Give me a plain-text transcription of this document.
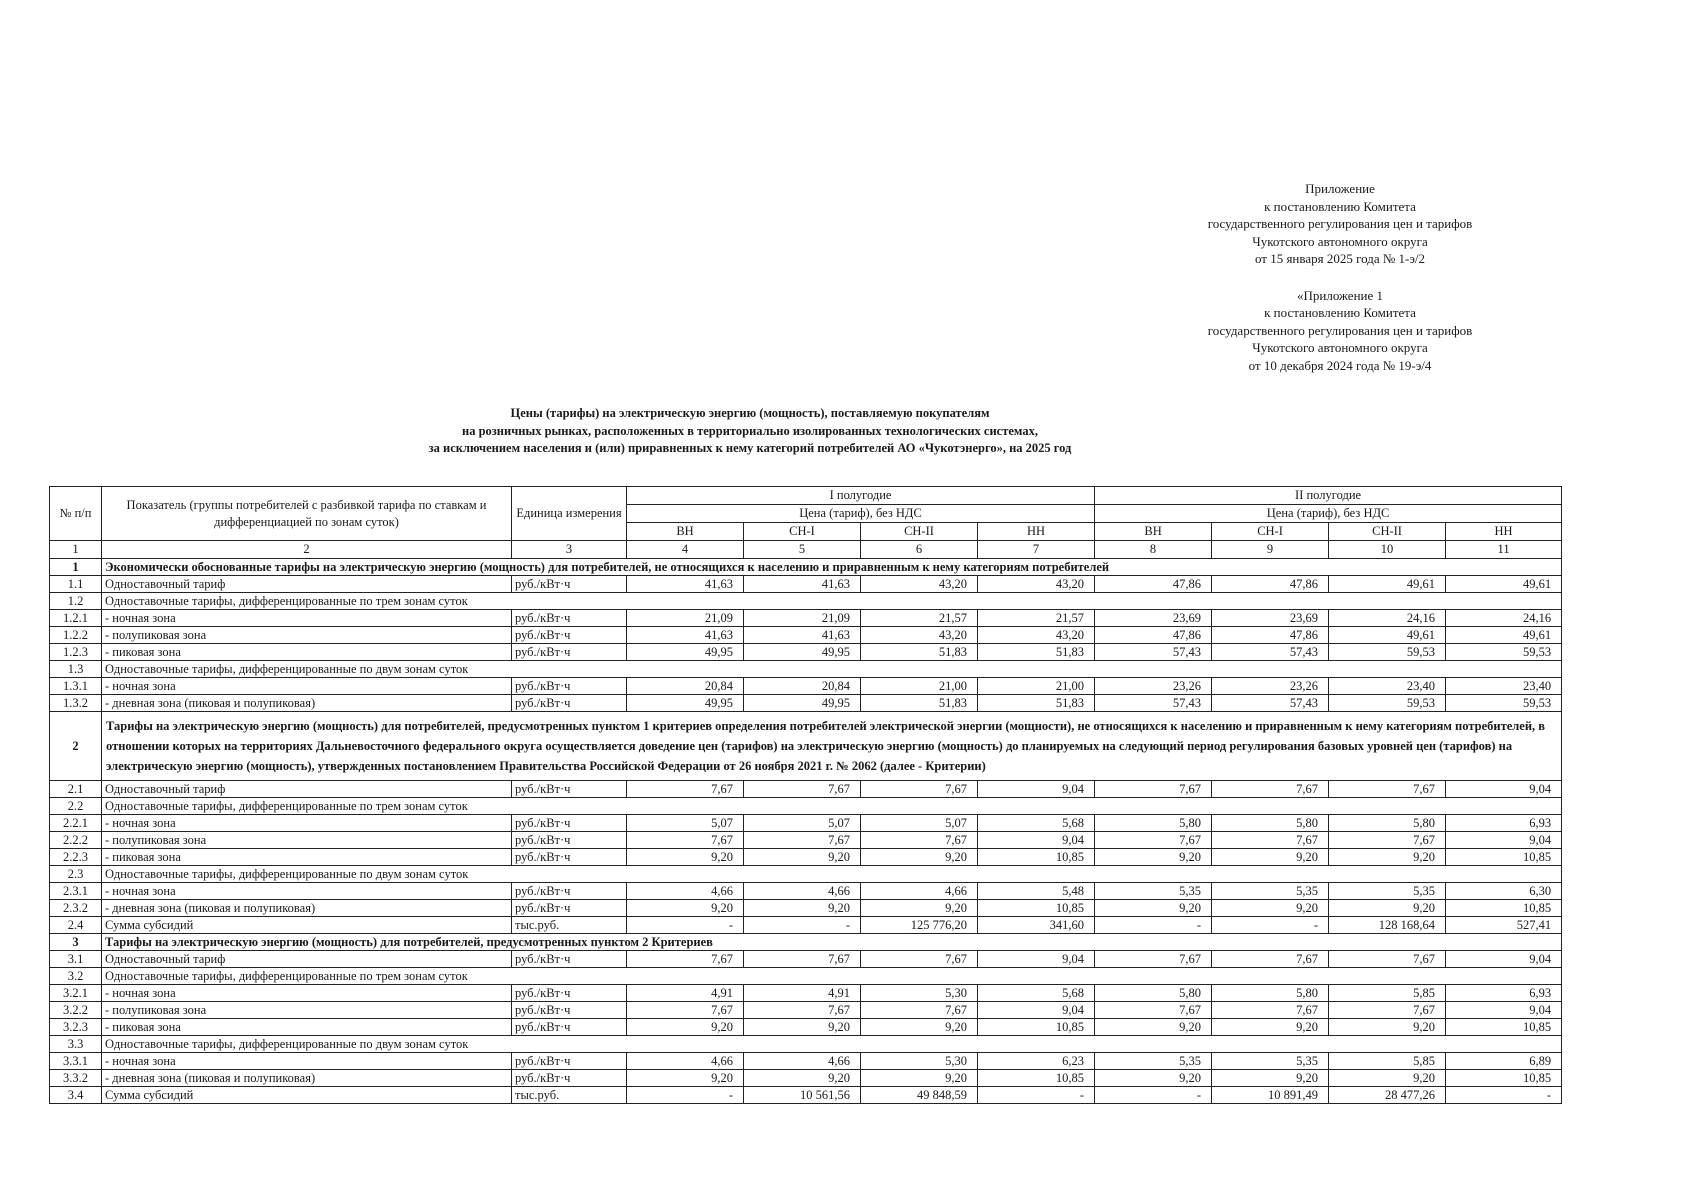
Приложение
к постановлению Комитета
государственного регулирования цен и тарифов
Чукотского автономного округа
от 15 января 2025 года № 1-э/2
«Приложение 1
к постановлению Комитета
государственного регулирования цен и тарифов
Чукотского автономного округа
от 10 декабря 2024 года № 19-э/4
Цены (тарифы) на электрическую энергию (мощность), поставляемую покупателям
на розничных рынках, расположенных в территориально изолированных технологических системах,
за исключением населения и (или) приравненных к нему категорий потребителей АО «Чукотэнерго», на 2025 год
№ п/п	Показатель (группы потребителей с разбивкой тарифа по ставкам и дифференциацией по зонам суток)	Единица измерения	I полугодие				II полугодие			
			Цена (тариф), без НДС				Цена (тариф), без НДС			
			ВН	СН-I	СН-II	НН	ВН	СН-I	СН-II	НН
1	2	3	4	5	6	7	8	9	10	11
1	Экономически обоснованные тарифы на электрическую энергию (мощность) для потребителей, не относящихся к населению и приравненным к нему категориям потребителей									
1.1	Одноставочный тариф	руб./кВт·ч	41,63	41,63	43,20	43,20	47,86	47,86	49,61	49,61
1.2	Одноставочные тарифы, дифференцированные по трем зонам суток									
1.2.1	- ночная зона	руб./кВт·ч	21,09	21,09	21,57	21,57	23,69	23,69	24,16	24,16
1.2.2	- полупиковая зона	руб./кВт·ч	41,63	41,63	43,20	43,20	47,86	47,86	49,61	49,61
1.2.3	- пиковая зона	руб./кВт·ч	49,95	49,95	51,83	51,83	57,43	57,43	59,53	59,53
1.3	Одноставочные тарифы, дифференцированные по двум зонам суток									
1.3.1	- ночная зона	руб./кВт·ч	20,84	20,84	21,00	21,00	23,26	23,26	23,40	23,40
1.3.2	- дневная зона (пиковая и полупиковая)	руб./кВт·ч	49,95	49,95	51,83	51,83	57,43	57,43	59,53	59,53
2	Тарифы на электрическую энергию (мощность) для потребителей, предусмотренных пунктом 1 критериев определения потребителей электрической энергии (мощности), не относящихся к населению и приравненным к нему категориям потребителей, в отношении которых на территориях Дальневосточного федерального округа осуществляется доведение цен (тарифов) на электрическую энергию (мощность) до планируемых на следующий период регулирования базовых уровней цен (тарифов) на электрическую энергию (мощность), утвержденных постановлением Правительства Российской Федерации от 26 ноября 2021 г. № 2062 (далее - Критерии)									
2.1	Одноставочный тариф	руб./кВт·ч	7,67	7,67	7,67	9,04	7,67	7,67	7,67	9,04
2.2	Одноставочные тарифы, дифференцированные по трем зонам суток									
2.2.1	- ночная зона	руб./кВт·ч	5,07	5,07	5,07	5,68	5,80	5,80	5,80	6,93
2.2.2	- полупиковая зона	руб./кВт·ч	7,67	7,67	7,67	9,04	7,67	7,67	7,67	9,04
2.2.3	- пиковая зона	руб./кВт·ч	9,20	9,20	9,20	10,85	9,20	9,20	9,20	10,85
2.3	Одноставочные тарифы, дифференцированные по двум зонам суток									
2.3.1	- ночная зона	руб./кВт·ч	4,66	4,66	4,66	5,48	5,35	5,35	5,35	6,30
2.3.2	- дневная зона (пиковая и полупиковая)	руб./кВт·ч	9,20	9,20	9,20	10,85	9,20	9,20	9,20	10,85
2.4	Сумма субсидий	тыс.руб.	-	-	125 776,20	341,60	-	-	128 168,64	527,41
3	Тарифы на электрическую энергию (мощность) для потребителей, предусмотренных пунктом 2 Критериев									
3.1	Одноставочный тариф	руб./кВт·ч	7,67	7,67	7,67	9,04	7,67	7,67	7,67	9,04
3.2	Одноставочные тарифы, дифференцированные по трем зонам суток									
3.2.1	- ночная зона	руб./кВт·ч	4,91	4,91	5,30	5,68	5,80	5,80	5,85	6,93
3.2.2	- полупиковая зона	руб./кВт·ч	7,67	7,67	7,67	9,04	7,67	7,67	7,67	9,04
3.2.3	- пиковая зона	руб./кВт·ч	9,20	9,20	9,20	10,85	9,20	9,20	9,20	10,85
3.3	Одноставочные тарифы, дифференцированные по двум зонам суток									
3.3.1	- ночная зона	руб./кВт·ч	4,66	4,66	5,30	6,23	5,35	5,35	5,85	6,89
3.3.2	- дневная зона (пиковая и полупиковая)	руб./кВт·ч	9,20	9,20	9,20	10,85	9,20	9,20	9,20	10,85
3.4	Сумма субсидий	тыс.руб.	-	10 561,56	49 848,59	-	-	10 891,49	28 477,26	-
